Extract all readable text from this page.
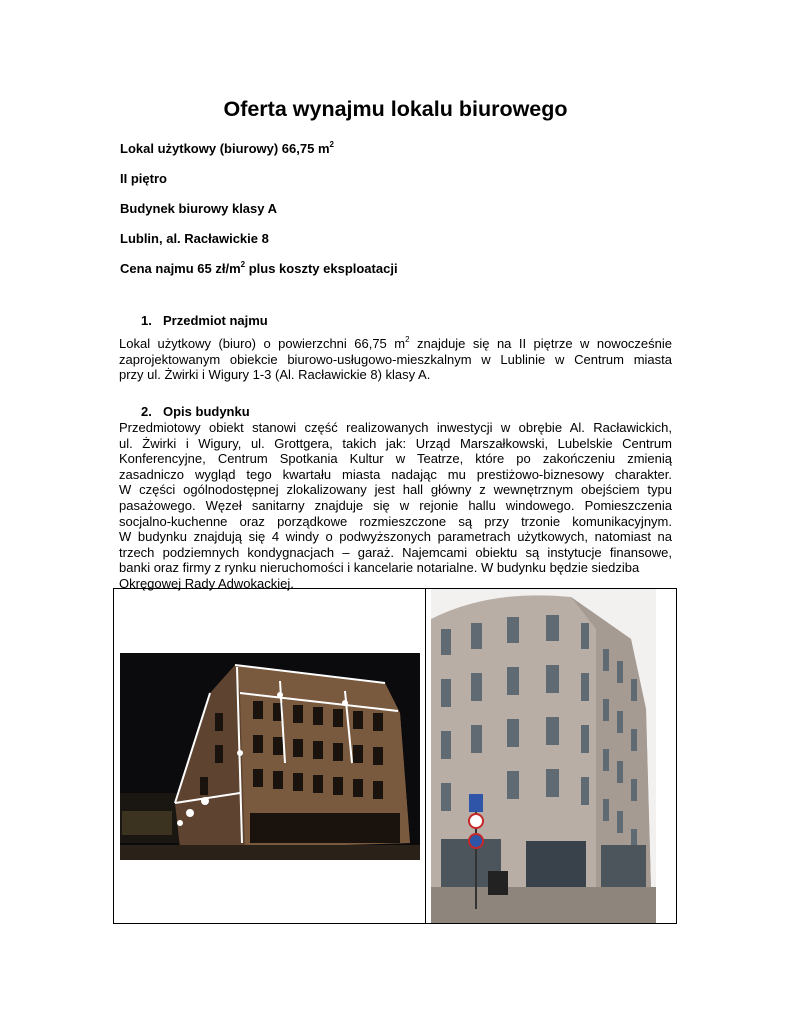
Oferta wynajmu lokalu biurowego

Lokal użytkowy (biurowy) 66,75 $m^2$

II piętro

Budynek biurowy klasy A

Lublin, al. Racławickie 8

Cena najmu 65 $zł/m^2$ plus koszty eksploatacji

1. Przedmiot najmu

Lokal użytkowy (biuro) o powierzchni 66,75 $m^2$ znajduje się na II piętrze w nowocześnie
zaprojektowanym obiekcie biurowo-usługowo-mieszkalnym w Lublinie w Centrum miasta
przy ul. Żwirki i Wigury 1-3 (Al. Racławickie 8) klasy A.

2. Opis budynku

Przedmiotowy obiekt stanowi część realizowanych inwestycji w obrębie Al. Racławickich,
ul. Żwirki i Wigury, ul. Grottgera, takich jak: Urząd Marszałkowski, Lubelskie Centrum
Konferencyjne, Centrum Spotkania Kultur w Teatrze, które po zakończeniu zmienią
zasadniczo wygląd tego kwartału miasta nadając mu prestiżowo-biznesowy charakter.
W części ogólnodostępnej zlokalizowany jest hall główny z wewnętrznym obejściem typu
pasażowego. Węzeł sanitarny znajduje się w rejonie hallu windowego. Pomieszczenia
socjalno-kuchenne oraz porządkowe rozmieszczone są przy trzonie komunikacyjnym.
W budynku znajdują się 4 windy o podwyższonych parametrach użytkowych, natomiast na
trzech podziemnych kondygnacjach – garaż. Najemcami obiektu są instytucje finansowe,
banki oraz firmy z rynku nieruchomości i kancelarie notarialne. W budynku będzie siedziba
Okręgowej Rady Adwokackiej.
